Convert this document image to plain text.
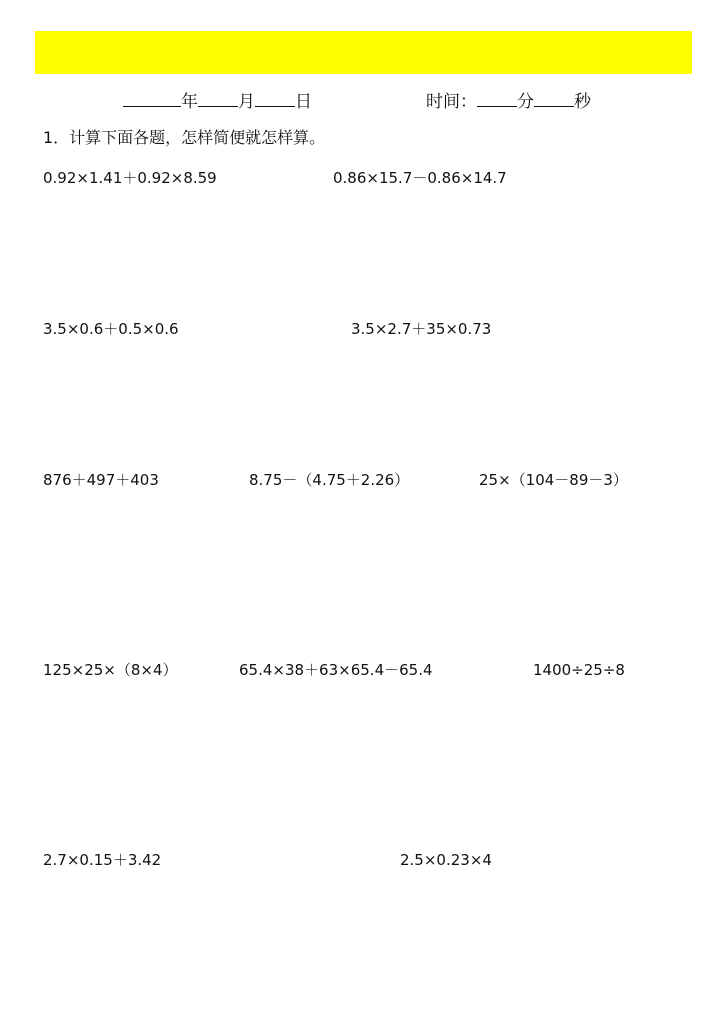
年 月 日	时间： 分 秒
1．计算下面各题，怎样简便就怎样算。
0.92×1.41＋0.92×8.59	0.86×15.7－0.86×14.7
3.5×0.6＋0.5×0.6	3.5×2.7＋35×0.73
876＋497＋403	8.75－（4.75＋2.26）	25×（104－89－3）
125×25×（8×4）	65.4×38＋63×65.4－65.4	1400÷25÷8
2.7×0.15＋3.42	2.5×0.23×4
